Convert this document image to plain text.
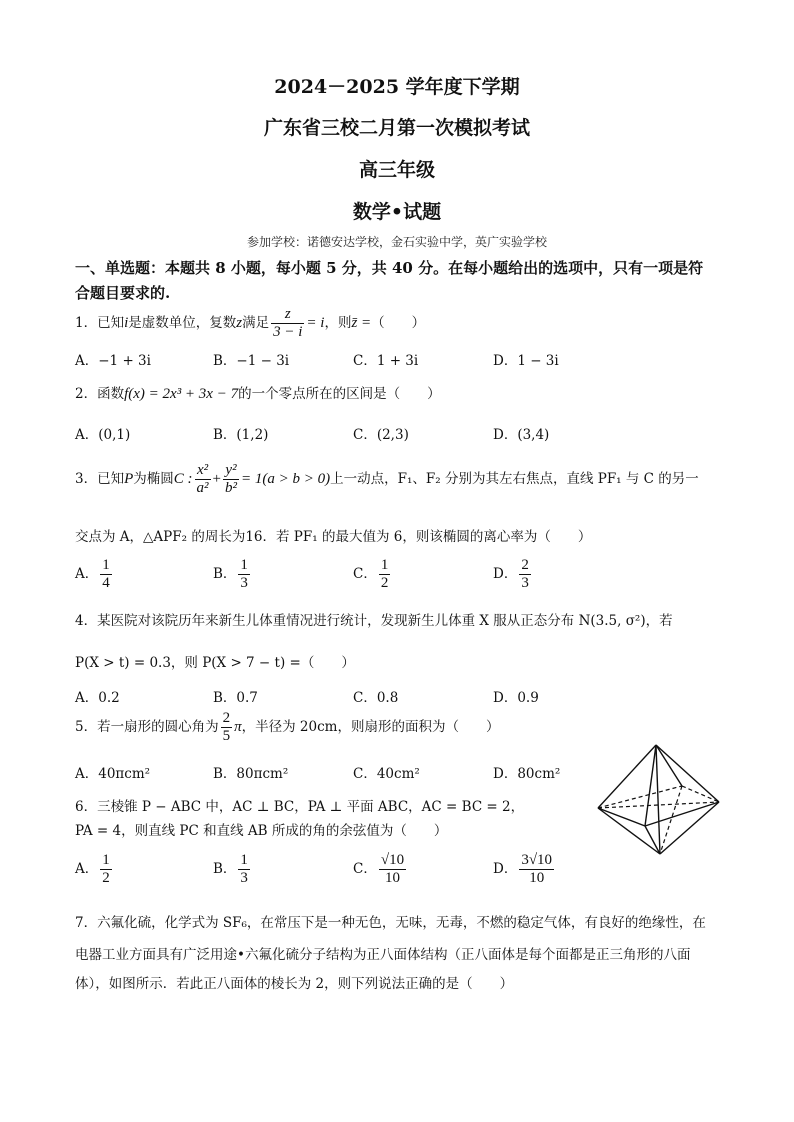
2024－2025 学年度下学期
广东省三校二月第一次模拟考试
高三年级
数学•试题
参加学校：诺德安达学校，金石实验中学，英广实验学校
一、单选题：本题共 8 小题，每小题 5 分，共 40 分。在每小题给出的选项中，只有一项是符
合题目要求的.
1．已知i是虚数单位，复数z满足 $\frac{z}{3 - i} = i$，则z̄ =（　　）
A．−1 + 3i	B．−1 − 3i	C．1 + 3i	D．1 − 3i
2．函数f(x) = 2x³ + 3x − 7的一个零点所在的区间是（　　）
A．(0,1)	B．(1,2)	C．(2,3)	D．(3,4)
3．已知P为椭圆C : $\frac{\text{x²}}{\text{a²}} + \frac{\text{y²}}{\text{b²}} = 1(a > b > 0)$上一动点，F₁、F₂ 分别为其左右焦点，直线 PF₁ 与 C 的另一
交点为 A，△APF₂ 的周长为16．若 PF₁ 的最大值为 6，则该椭圆的离心率为（　　）
A． $\frac{1}{4}$	B． $\frac{1}{3}$	C． $\frac{1}{2}$	D． $\frac{2}{3}$
4．某医院对该院历年来新生儿体重情况进行统计，发现新生儿体重 X 服从正态分布 N(3.5, σ²)，若
P(X > t) = 0.3，则 P(X > 7 − t) =（　　）
A．0.2	B．0.7	C．0.8	D．0.9
5．若一扇形的圆心角为 $\frac{2}{5}$ π，半径为 20cm，则扇形的面积为（　　）
A．40πcm²	B．80πcm²	C．40cm²	D．80cm²
6．三棱锥 P − ABC 中，AC ⊥ BC，PA ⊥ 平面 ABC，AC = BC = 2，
PA = 4，则直线 PC 和直线 AB 所成的角的余弦值为（　　）
A． $\frac{1}{2}$	B． $\frac{1}{3}$	C． $\frac{√10}{10}$	D． $\frac{3√10}{10}$
7．六氟化硫，化学式为 SF₆，在常压下是一种无色，无味，无毒，不燃的稳定气体，有良好的绝缘性，在
电器工业方面具有广泛用途•六氟化硫分子结构为正八面体结构（正八面体是每个面都是正三角形的八面
体），如图所示．若此正八面体的棱长为 2，则下列说法正确的是（　　）
